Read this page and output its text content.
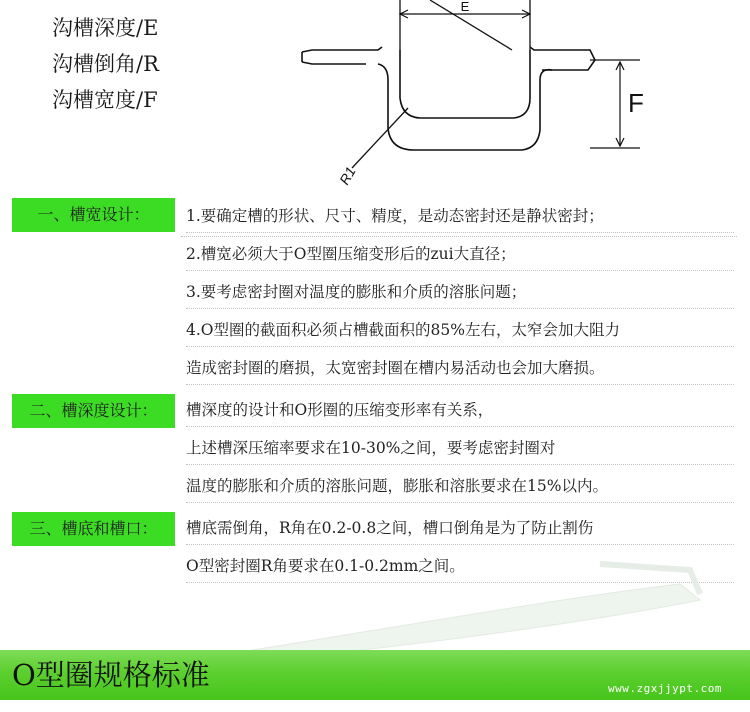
沟槽深度/E
沟槽倒角/R
沟槽宽度/F
E
F
R1
一、槽宽设计：	1.要确定槽的形状、尺寸、精度，是动态密封还是静状密封；
2.槽宽必须大于O型圈压缩变形后的zui大直径；
3.要考虑密封圈对温度的膨胀和介质的溶胀问题；
4.O型圈的截面积必须占槽截面积的85%左右，太窄会加大阻力
造成密封圈的磨损，太宽密封圈在槽内易活动也会加大磨损。
二、槽深度设计：	槽深度的设计和O形圈的压缩变形率有关系，
上述槽深压缩率要求在10-30%之间，要考虑密封圈对
温度的膨胀和介质的溶胀问题，膨胀和溶胀要求在15%以内。
三、槽底和槽口：	槽底需倒角，R角在0.2-0.8之间，槽口倒角是为了防止割伤
O型密封圈R角要求在0.1-0.2mm之间。
O型圈规格标准	www.zgxjjypt.com
